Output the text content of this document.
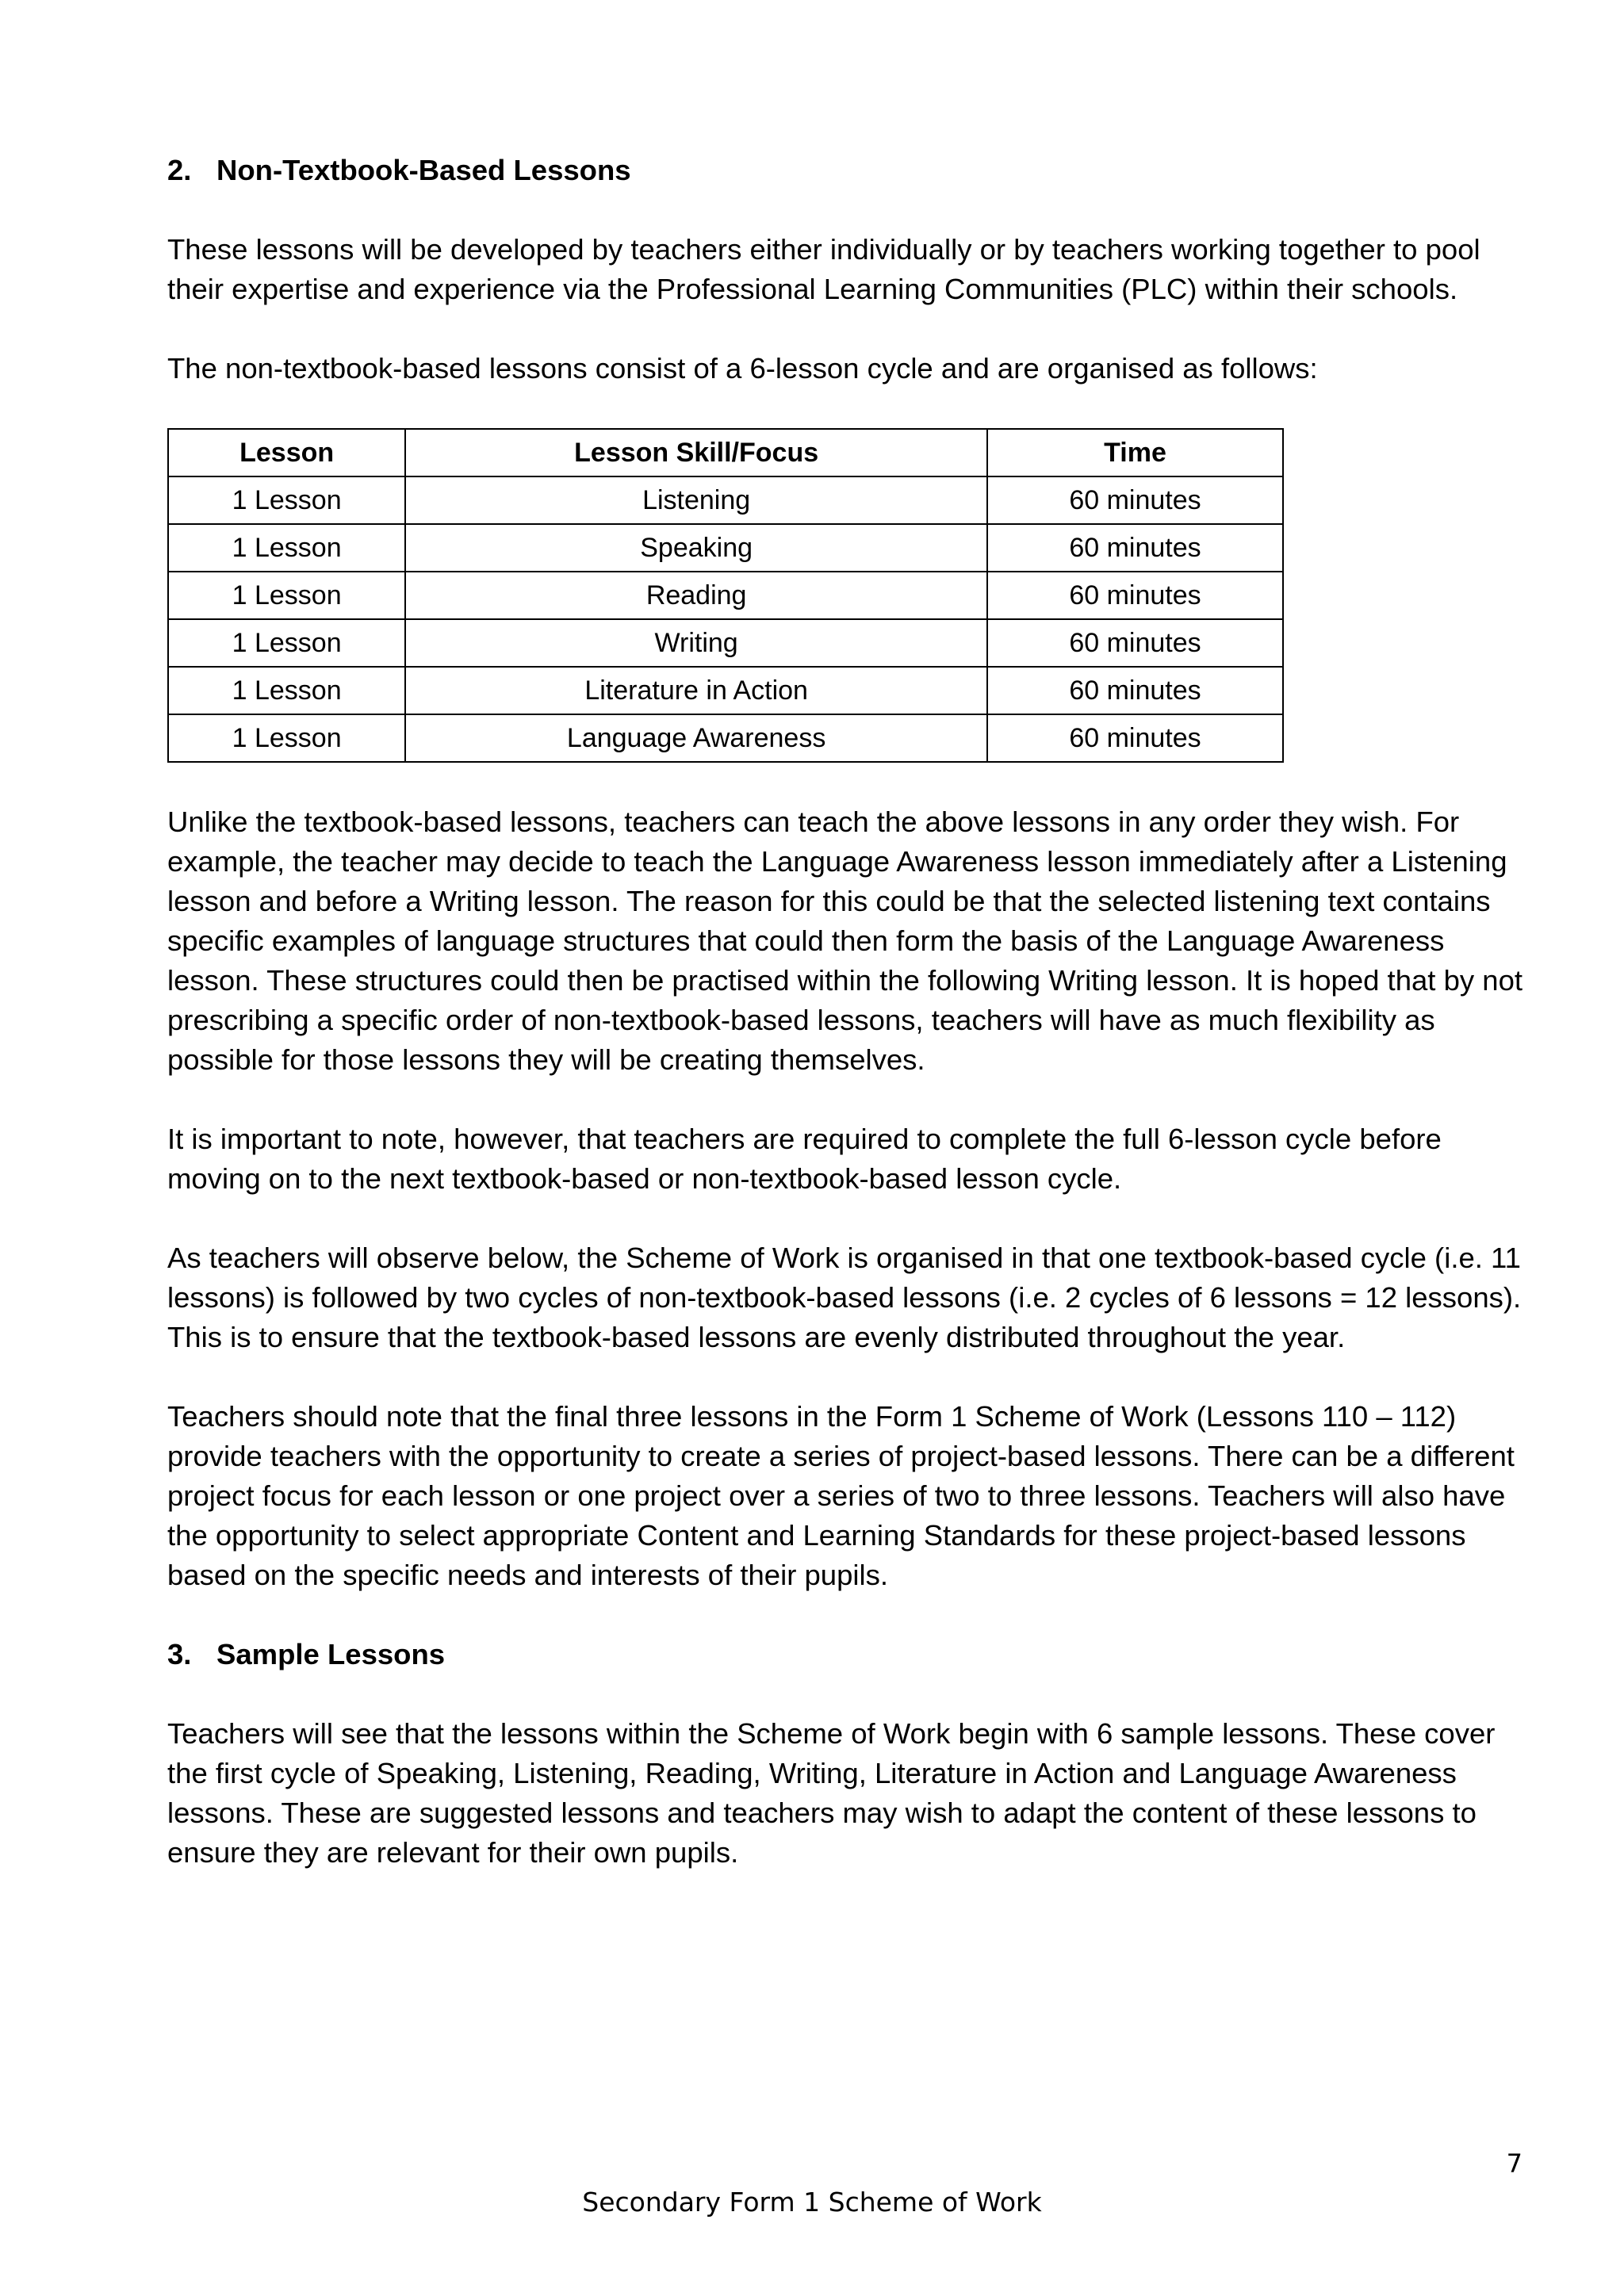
2. Non-Textbook-Based Lessons

These lessons will be developed by teachers either individually or by teachers working together to pool their expertise and experience via the Professional Learning Communities (PLC) within their schools.

The non-textbook-based lessons consist of a 6-lesson cycle and are organised as follows:

Lesson	Lesson Skill/Focus	Time
1 Lesson	Listening	60 minutes
1 Lesson	Speaking	60 minutes
1 Lesson	Reading	60 minutes
1 Lesson	Writing	60 minutes
1 Lesson	Literature in Action	60 minutes
1 Lesson	Language Awareness	60 minutes

Unlike the textbook-based lessons, teachers can teach the above lessons in any order they wish. For example, the teacher may decide to teach the Language Awareness lesson immediately after a Listening lesson and before a Writing lesson. The reason for this could be that the selected listening text contains specific examples of language structures that could then form the basis of the Language Awareness lesson. These structures could then be practised within the following Writing lesson. It is hoped that by not prescribing a specific order of non-textbook-based lessons, teachers will have as much flexibility as possible for those lessons they will be creating themselves.

It is important to note, however, that teachers are required to complete the full 6-lesson cycle before moving on to the next textbook-based or non-textbook-based lesson cycle.

As teachers will observe below, the Scheme of Work is organised in that one textbook-based cycle (i.e. 11 lessons) is followed by two cycles of non-textbook-based lessons (i.e. 2 cycles of 6 lessons = 12 lessons). This is to ensure that the textbook-based lessons are evenly distributed throughout the year.

Teachers should note that the final three lessons in the Form 1 Scheme of Work (Lessons 110 – 112) provide teachers with the opportunity to create a series of project-based lessons. There can be a different project focus for each lesson or one project over a series of two to three lessons. Teachers will also have the opportunity to select appropriate Content and Learning Standards for these project-based lessons based on the specific needs and interests of their pupils.

3. Sample Lessons

Teachers will see that the lessons within the Scheme of Work begin with 6 sample lessons. These cover the first cycle of Speaking, Listening, Reading, Writing, Literature in Action and Language Awareness lessons. These are suggested lessons and teachers may wish to adapt the content of these lessons to ensure they are relevant for their own pupils.

7
Secondary Form 1 Scheme of Work
